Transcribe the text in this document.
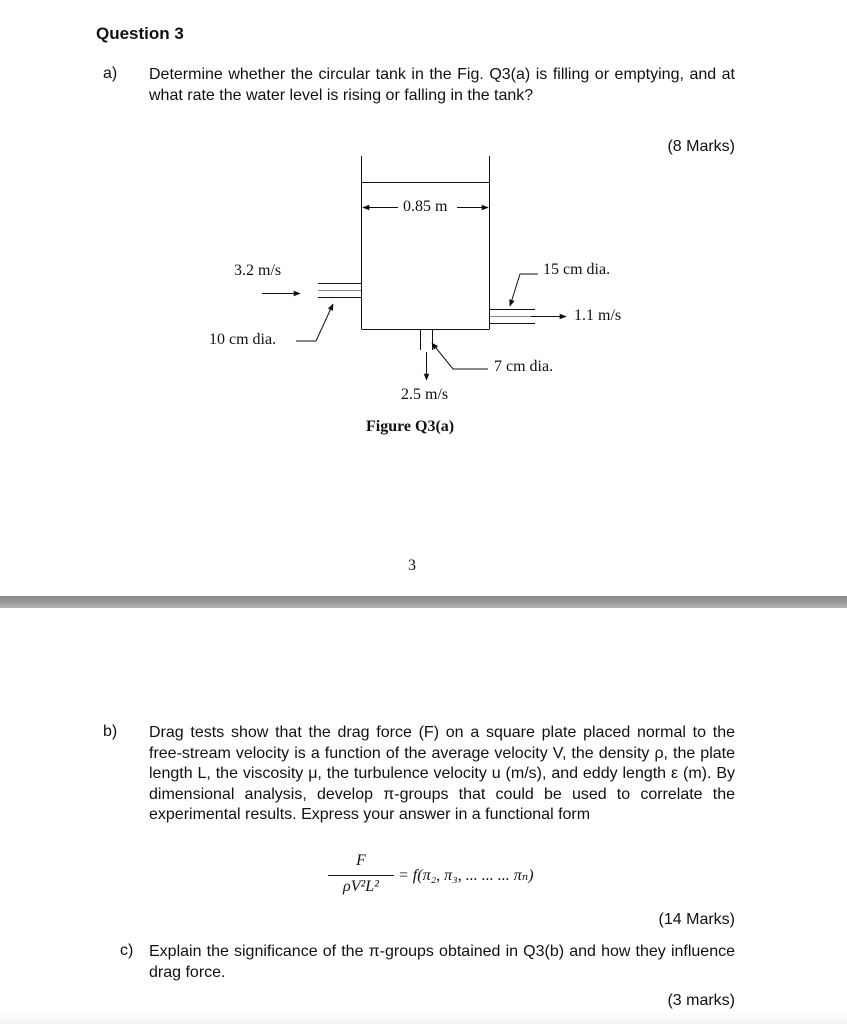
Question 3
a) Determine whether the circular tank in the Fig. Q3(a) is filling or emptying, and at what rate the water level is rising or falling in the tank?
(8 Marks)
0.85 m
3.2 m/s
10 cm dia.
15 cm dia.
1.1 m/s
7 cm dia.
2.5 m/s
Figure Q3(a)
3
b) Drag tests show that the drag force (F) on a square plate placed normal to the free-stream velocity is a function of the average velocity V, the density ρ, the plate length L, the viscosity μ, the turbulence velocity u (m/s), and eddy length ε (m). By dimensional analysis, develop π-groups that could be used to correlate the experimental results. Express your answer in a functional form
F
ρV²L²
= f(π₂, π₃, ... ... ... πₙ)
(14 Marks)
c) Explain the significance of the π-groups obtained in Q3(b) and how they influence drag force.
(3 marks)
